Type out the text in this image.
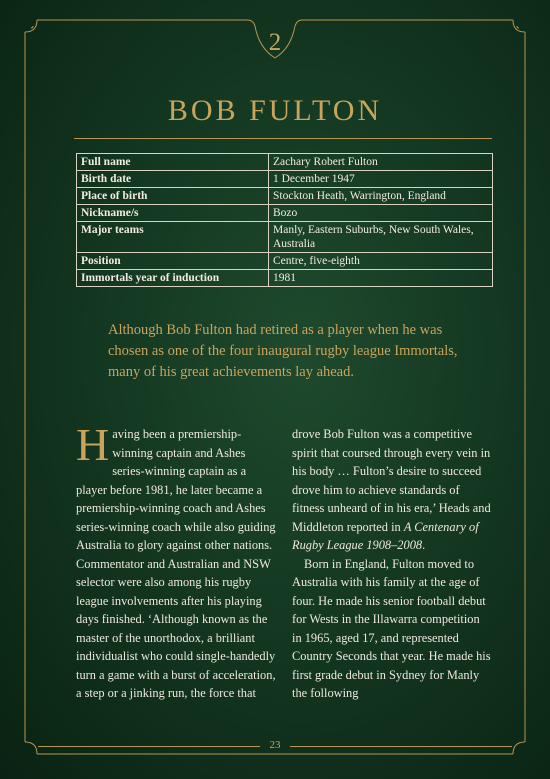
2
BOB FULTON
Full name	Zachary Robert Fulton
Birth date	1 December 1947
Place of birth	Stockton Heath, Warrington, England
Nickname/s	Bozo
Major teams	Manly, Eastern Suburbs, New South Wales, Australia
Position	Centre, five-eighth
Immortals year of induction	1981
Although Bob Fulton had retired as a player when he was chosen as one of the four inaugural rugby league Immortals, many of his great achievements lay ahead.

H aving been a premiership-winning captain and Ashes series-winning captain as a player before 1981, he later became a premiership-winning coach and Ashes series-winning coach while also guiding Australia to glory against other nations. Commentator and Australian and NSW selector were also among his rugby league involvements after his playing days finished. ‘Although known as the master of the unorthodox, a brilliant individualist who could single-handedly turn a game with a burst of acceleration, a step or a jinking run, the force that drove Bob Fulton was a competitive spirit that coursed through every vein in his body … Fulton’s desire to succeed drove him to achieve standards of fitness unheard of in his era,’ Heads and Middleton reported in A Centenary of Rugby League 1908–2008.

Born in England, Fulton moved to Australia with his family at the age of four. He made his senior football debut for Wests in the Illawarra competition in 1965, aged 17, and represented Country Seconds that year. He made his first grade debut in Sydney for Manly the following

23
